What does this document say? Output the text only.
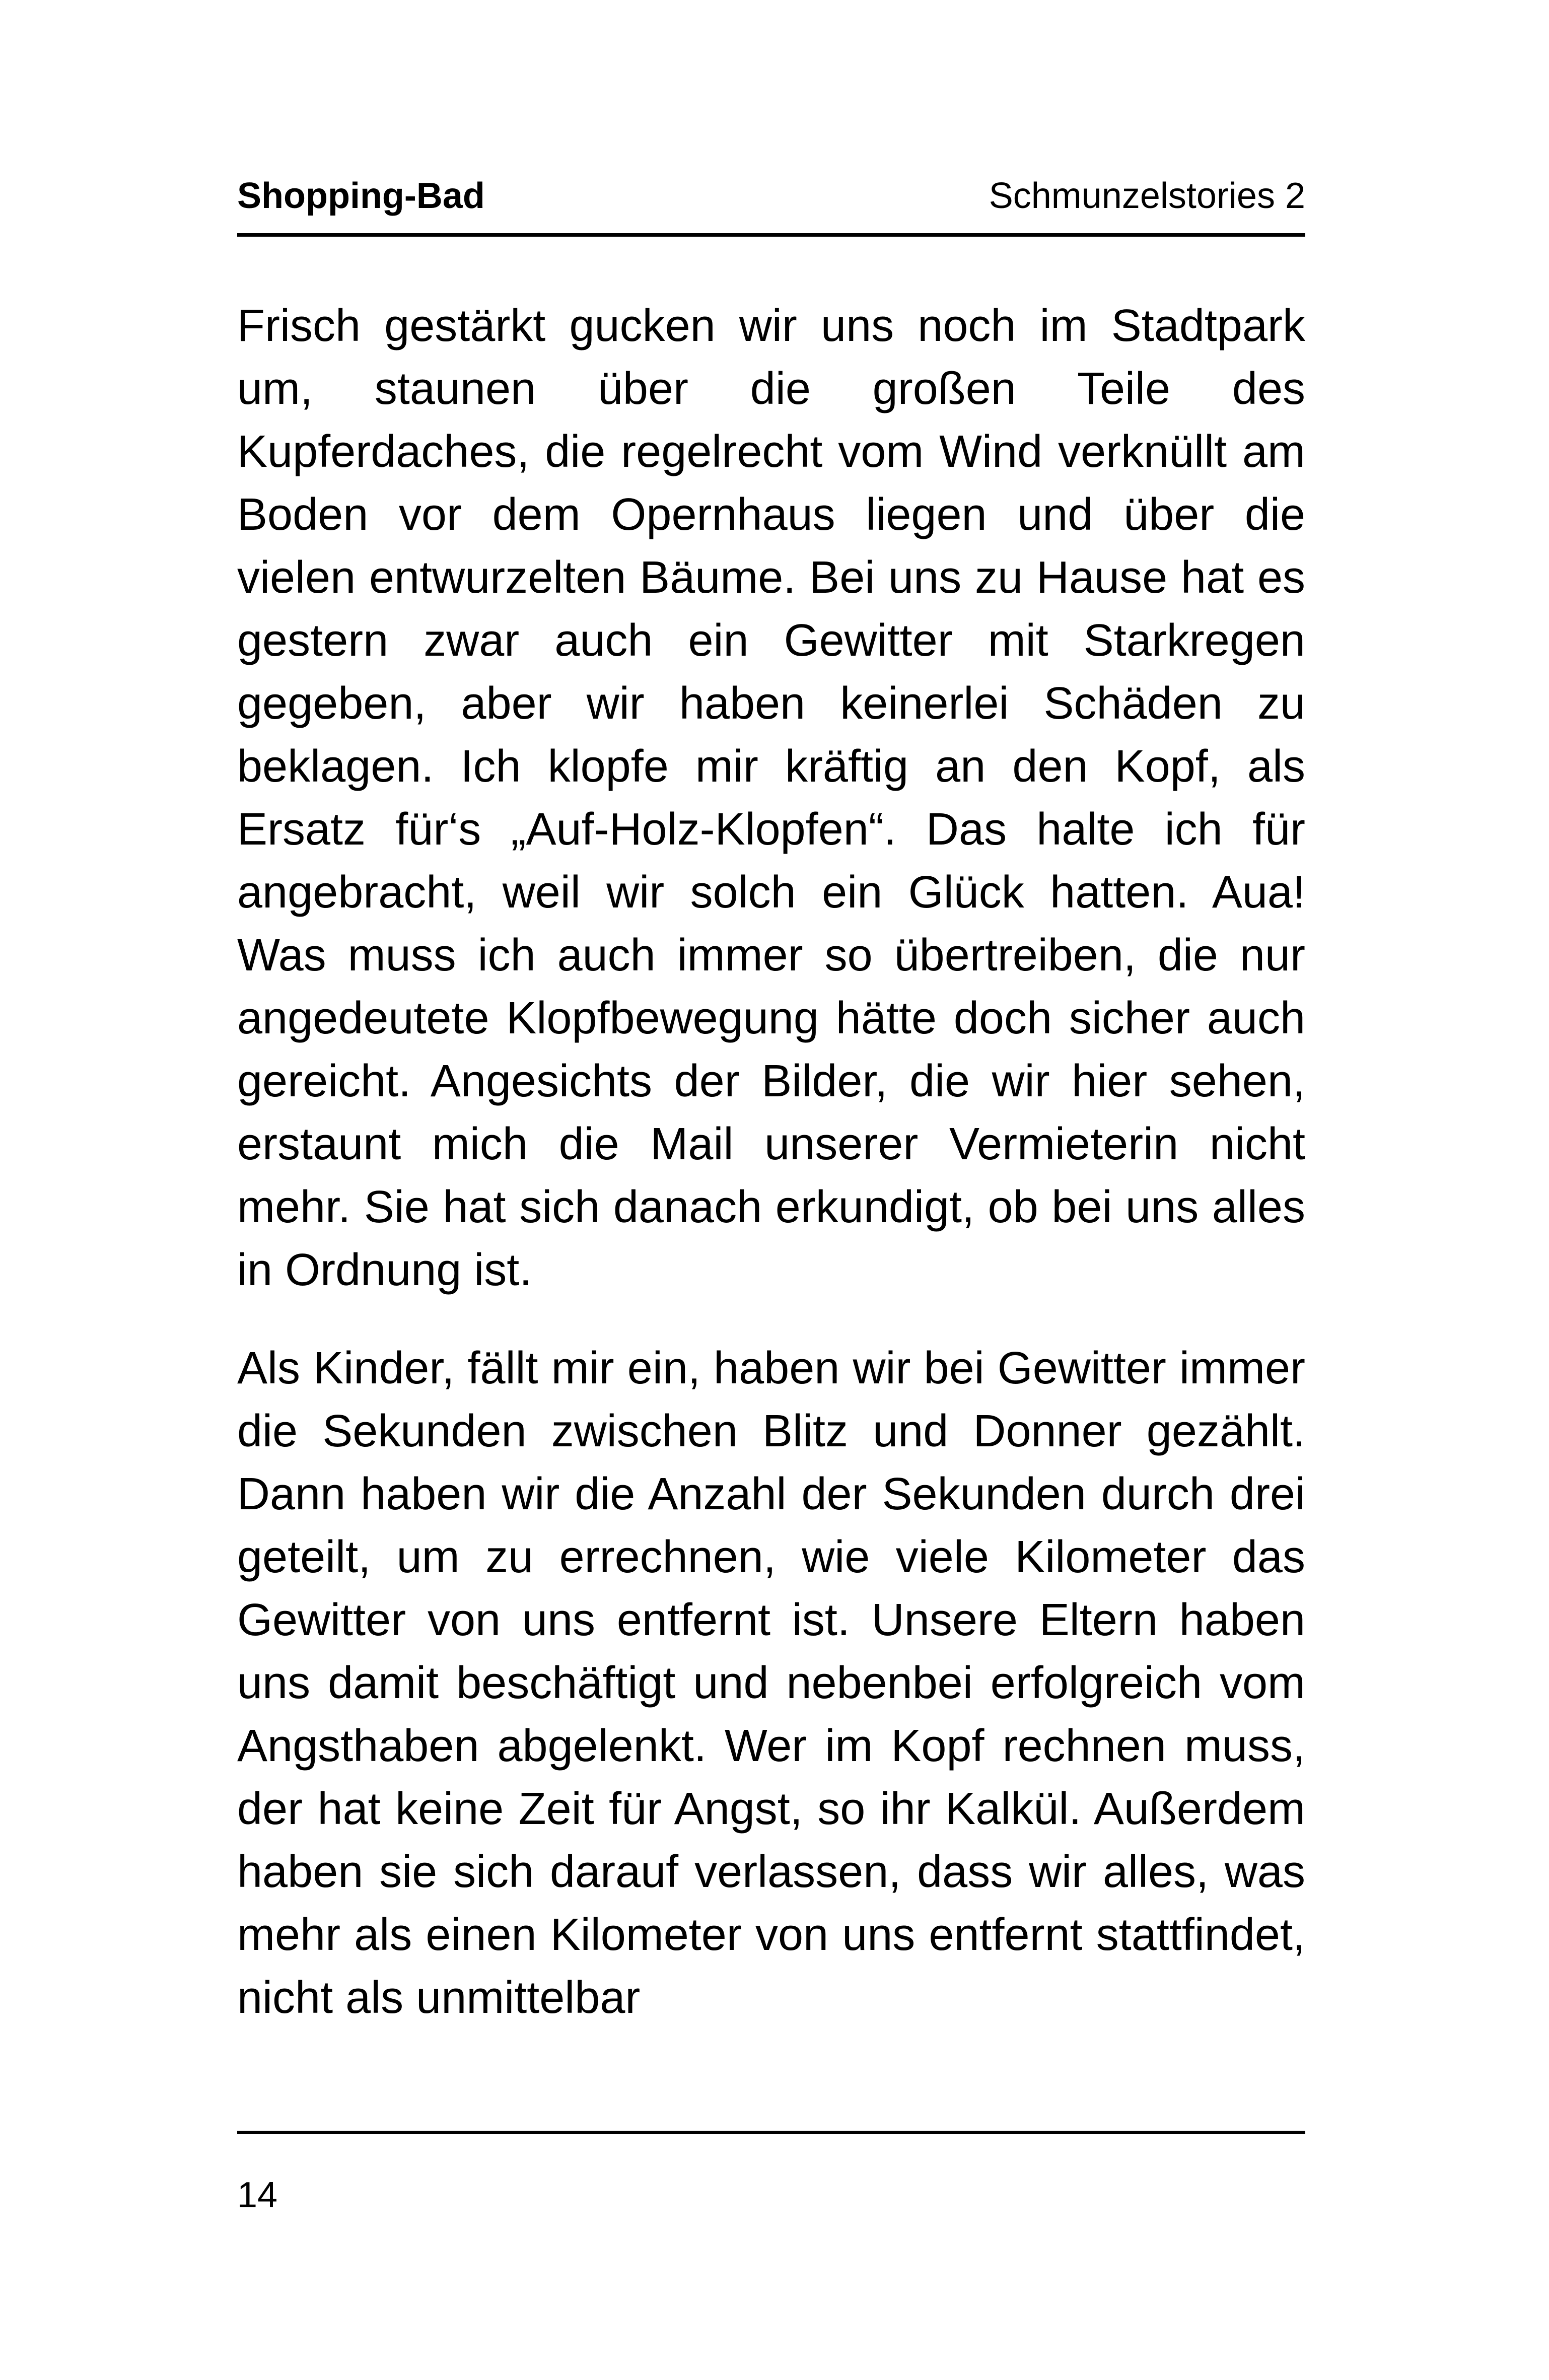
Shopping-Bad	Schmunzelstories 2

Frisch gestärkt gucken wir uns noch im Stadtpark um, staunen über die großen Teile des Kupferdaches, die regelrecht vom Wind verknüllt am Boden vor dem Opernhaus liegen und über die vielen entwurzelten Bäume. Bei uns zu Hause hat es gestern zwar auch ein Gewitter mit Starkregen gegeben, aber wir haben keinerlei Schäden zu beklagen. Ich klopfe mir kräftig an den Kopf, als Ersatz für‘s „Auf-Holz-Klopfen“. Das halte ich für angebracht, weil wir solch ein Glück hatten. Aua! Was muss ich auch immer so übertreiben, die nur angedeutete Klopfbewegung hätte doch sicher auch gereicht. Angesichts der Bilder, die wir hier sehen, erstaunt mich die Mail unserer Vermieterin nicht mehr. Sie hat sich danach erkundigt, ob bei uns alles in Ordnung ist.

Als Kinder, fällt mir ein, haben wir bei Gewitter immer die Sekunden zwischen Blitz und Donner gezählt. Dann haben wir die Anzahl der Sekunden durch drei geteilt, um zu errechnen, wie viele Kilometer das Gewitter von uns entfernt ist. Unsere Eltern haben uns damit beschäftigt und nebenbei erfolgreich vom Angsthaben abgelenkt. Wer im Kopf rechnen muss, der hat keine Zeit für Angst, so ihr Kalkül. Außerdem haben sie sich darauf verlassen, dass wir alles, was mehr als einen Kilometer von uns entfernt stattfindet, nicht als unmittelbar

14
